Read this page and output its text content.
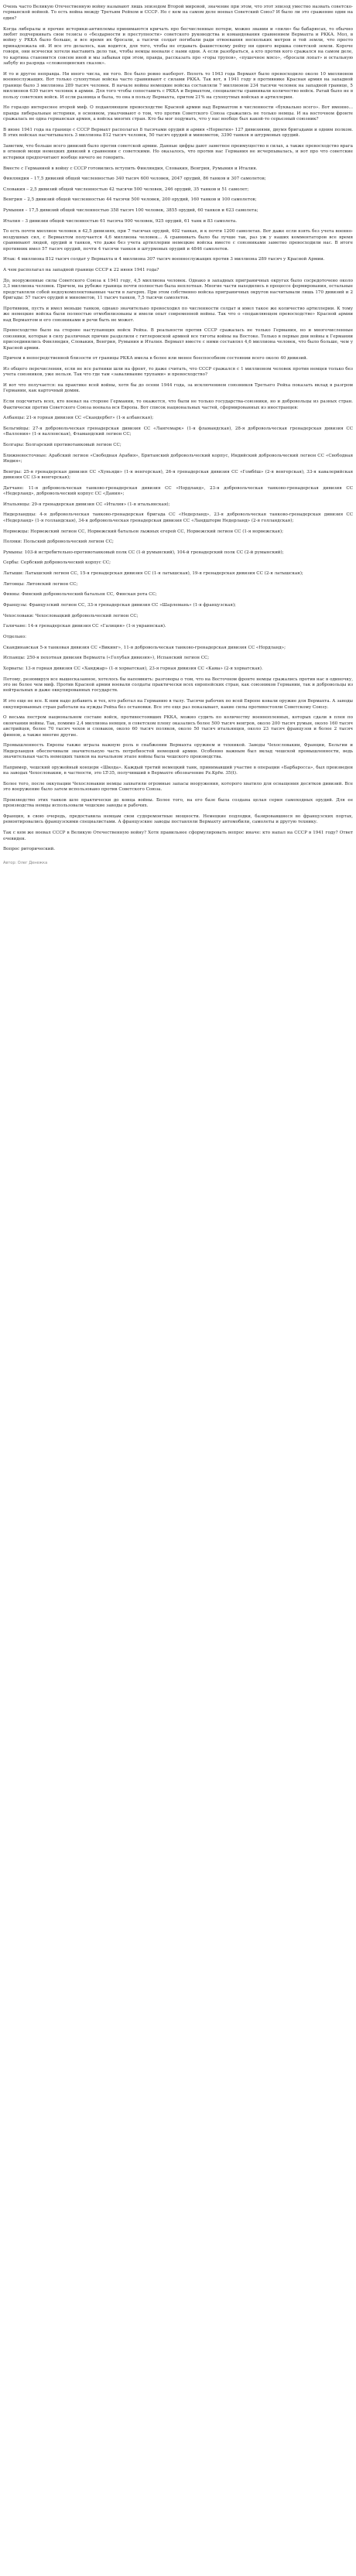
Очень часто Великую Отечественную войну называют лишь эпизодом Второй мировой, значение при этом, что этот эпизод уместно назвать советско-германской войной. То есть война между Третьим Рейхом и СССР. Но с кем на самом деле воевал Советский Союз? И было ли это сражение один на один?

Когда либералы и прочие историки-антиплемы принимаются кричать про бесчисленные потери, можно звании и «пили» бы бабарюсах, то обычно любят подчеркивать свои тезисы о «бездарности и преступности» советского руководства и командования сравнением Вермахта и РККА. Мол, в войну у РККА было больше, и все время их бросали, а тысячи солдат погибали ради отвоевания нескольких метров и той земли, что просто принадлежала ей. И все это делалось, как водится, для того, чтобы не отдавать фашистскому рейху ни одного вершка советской земли. Короче говоря, они всячески хотели выставить дело так, чтобы немцы воевали с нами одни. А если разобраться, а кто против кого сражался на самом деле, то картина становится совсем иной и мы забывая при этом, правда, рассказать про «горы трупов», «пушечное мясо», «бросали лопат» и остальную забубу из разряда «сложенцинских сказок».

И то и другое неправда. Ни иного числа, ни того. Все было ровно наоборот. Вплоть то 1943 года Вермахт было превосходило около 10 миллионов военнослужащих. Вот только сухопутные войска часто сравнивают с силами РККА. Так вот, в 1941 году в противнике Красная армия на западной границе было 3 миллиона 289 тысяч человек. В начале войны немецкие войска составляли 7 миллионов 234 тысячи человек на западной границе, 5 миллионов 630 тысяч человек в армии. Для того чтобы сопоставить с РККА и Вермахтом, специалисты сравнивали количество войск. Ратай было не в пользу советских войск. И если разница и была, то она в пользу Вермахта, притом 21% на сухопутных войсках и артиллерии.

Но гораздо интереснее второй миф. О подавляющем превосходстве Красной армии над Вермахтом в численности «буквально всего». Вот именно... правда либеральные историки, в основном, умалчивают о том, что против Советского Союза сражались не только немцы. И на восточном фронте сражалась не одна германская армия, а войска многих стран. Кто бы мог подумать, что у нас вообще был какой-то серьезный союзник?

В июне 1941 года на границе с СССР Вермахт располагал 8 тысячами орудий и армия «Норвегия» 127 дивизиями, двумя бригадами и одним полком. В этих войсках насчитывалось 3 миллиона 812 тысяч человек, 50 тысяч орудий и минометов, 3390 танков и штурмовых орудий.

Заметим, что больше всего дивизий было против советской армии. Данные цифры дают заметное преимущество в силах, а также превосходство врага в огневой мощи немецких дивизий в сравнении с советскими. Но оказалось, что против нас Германия не исчерпывалась, и вот про что советские историки предпочитают вообще ничего не говорить.

Вместе с Германией в войну с СССР готовились вступить Финляндия, Словакия, Венгрия, Румыния и Италия.

Финляндия – 17,5 дивизий общей численностью 340 тысяч 600 человек, 2047 орудий, 86 танков и 307 самолетов;

Словакия – 2,5 дивизий общей численностью 42 тысячи 500 человек, 246 орудий, 35 танков и 51 самолет;

Венгрия – 2,5 дивизий общей численностью 44 тысячи 500 человек, 200 орудий, 160 танков и 100 самолетов;

Румыния – 17,5 дивизий общей численностью 358 тысяч 100 человек, 3855 орудий, 60 танков и 623 самолета;

Италия – 3 дивизии общей численностью 61 тысяча 900 человек, 925 орудий, 61 танк и 83 самолета.

То есть почти миллион человек в 42,5 дивизиях, при 7 тысячах орудий, 402 танках, и к почти 1200 самолетах. Вот даже если взять без учета военно-воздушных сил, с Вермахтом получается 4,6 миллиона человек... А сравнивать было бы лучше так, раз уж у наших комментаторов все время сравнивают людей, орудий и танков, что даже без учета артиллерии немецкие войска вместе с союзниками заметно превосходили нас. В итоге противник имел 57 тысяч орудий, почти 4 тысячи танков и штурмовых орудий и 4846 самолетов.

Итак: 4 миллиона 812 тысяч солдат у Вермахта и 4 миллиона 307 тысяч военнослужащих против 3 миллиона 289 тысяч у Красной Армии.

А чем располагал на западной границе СССР к 22 июня 1941 года?

До, вооруженные силы Советского Союза к 1941 году, 4,5 миллиона человек. Однако в западных приграничных округах было сосредоточено около 3,3 миллиона человек. Причем, на рубеже граница почти полностью была неплотная. Многие части находились в процессе формирования, остальные представляли собой недоукомплектованные части в лагерях. При этом собственно войска приграничных округов насчитывали лишь 170 дивизий и 2 бригады: 57 тысяч орудий и минометов, 11 тысяч танков, 7,5 тысячи самолетов.

Противник, пусть и имел меньше танков, однако значительно превосходил по численности солдат и имел такое же количество артиллерии. К тому же немецкие войска были полностью отмобилизованы и имели опыт современной войны. Так что о «подавляющем превосходстве» Красной армии над Вермахтом и его союзниками и речи быть не может.

Превосходство было на стороне наступающих войск Рейха. В реальности против СССР сражалась не только Германия, но и многочисленные союзники, которые в силу различных причин разделили с гитлеровской армией все тяготы войны на Востоке. Только в первые дни войны к Германии присоединились Финляндия, Словакия, Венгрия, Румыния и Италия. Вермахт вместе с ними составлял 4,6 миллиона человек, что было больше, чем у Красной армии.

Причем в непосредственной близости от границы РККА имела в более или менее боеспособном состоянии всего около 40 дивизий.

Из общего перечисления, если не все ратники шли на фронт, то даже считать, что СССР сражался с 1 миллионом человек против немцев только без учета союзников, уже нельзя. Так что где там «заваливание трупами» и превосходство?

И вот что получается: на практике всей войны, хотя бы до осени 1944 года, за исключением союзников Третьего Рейха показать вклад в разгром Германии, как карточный домик.

Если подсчитать всех, кто воевал на стороне Германии, то окажется, что были не только государства-союзники, но и добровольцы из разных стран. Фактически против Советского Союза воевала вся Европа. Вот список национальных частей, сформированных из иностранцев:

Албанцы: 21-я горная дивизия СС «Скандербег» (1-я албанская);

Бельгийцы: 27-я добровольческая гренадерская дивизия СС «Лангемарк» (1-я фламандская), 28-я добровольческая гренадерская дивизия СС «Валлония» (1-я валлонская), Фламандский легион СС;

Болгары: Болгарский противотанковый легион СС;

Ближневосточные: Арабский легион «Свободная Арабия», Британский добровольческий корпус, Индийский добровольческий легион СС «Свободная Индия»;

Венгры: 25-я гренадерская дивизия СС «Хуньяди» (1-я венгерская), 26-я гренадерская дивизия СС «Гомбёш» (2-я венгерская), 33-я кавалерийская дивизия СС (3-я венгерская);

Датчане: 11-я добровольческая танково-гренадерская дивизия СС «Нордланд», 23-я добровольческая танково-гренадерская дивизия СС «Недерланд», добровольческий корпус СС «Дания»;

Итальянцы: 29-я гренадерская дивизия СС «Италия» (1-я итальянская);

Нидерландцы: 4-я добровольческая танково-гренадерская бригада СС «Недерланд», 23-я добровольческая танково-гренадерская дивизия СС «Недерланд» (1-я голландская), 34-я добровольческая гренадерская дивизия СС «Ландшторм Недерланд» (2-я голландская);

Норвежцы: Норвежский легион СС, Норвежский батальон лыжных егерей СС, Норвежский легион СС (1-я норвежская);

Поляки: Польский добровольческий легион СС;

Румыны: 103-й истребительно-противотанковый полк СС (1-й румынский), 104-й гренадерский полк СС (2-й румынский);

Сербы: Сербский добровольческий корпус СС;

Латыши: Латышский легион СС, 15-я гренадерская дивизия СС (1-я латышская), 19-я гренадерская дивизия СС (2-я латышская);

Литовцы: Литовский легион СС;

Финны: Финский добровольческий батальон СС, Финская рота СС;

Французы: Французский легион СС, 33-я гренадерская дивизия СС «Шарлемань» (1-я французская);

Чехословаки: Чехословацкий добровольческий легион СС;

Галичане: 14-я гренадерская дивизия СС «Галиция» (1-я украинская).

Отдельно:

Скандинавская 5-я танковая дивизия СС «Викинг», 11-я добровольческая танково-гренадерская дивизия СС «Нордланд»;

Испанцы: 250-я пехотная дивизия Вермахта («Голубая дивизия»), Испанский легион СС;

Хорваты: 13-я горная дивизия СС «Ханджар» (1-я хорватская), 23-я горная дивизия СС «Кама» (2-я хорватская).

Потому, резюмируя все вышесказанное, хотелось бы напомнить: разговоры о том, что на Восточном фронте немцы сражались против нас в одиночку, это не более чем миф. Против Красной армии воевали солдаты практически всех европейских стран, как союзников Германии, так и добровольцы из нейтральных и даже оккупированных государств.

И это еще не все. К ним надо добавить и тех, кто работал на Германию в тылу. Тысячи рабочих по всей Европе ковали оружие для Вермахта. А заводы оккупированных стран работали на нужды Рейха без остановки. Все это еще раз показывает, какие силы противостояли Советскому Союзу.

О весьма пестром национальном составе войск, противостоявших РККА, можно судить по количеству военнопленных, которых сдали в плен по окончании войны. Так, помимо 2,4 миллиона немцев, в советском плену оказались более 500 тысяч венгров, около 200 тысяч румын, около 160 тысяч австрийцев, более 70 тысяч чехов и словаков, около 60 тысяч поляков, около 50 тысяч итальянцев, около 23 тысяч французов и более 2 тысяч финнов, а также многие другие.

Промышленность Европы также играла важную роль в снабжении Вермахта оружием и техникой. Заводы Чехословакии, Франции, Бельгии и Нидерландов обеспечивали значительную часть потребностей немецкой армии. Особенно важным был вклад чешской промышленности, ведь значительная часть немецких танков на начальном этапе войны была чешского производства.

Например, чешский оружейный концерн «Шкода». Каждый третий немецкий танк, принимавший участие в операции «Барбаросса», был произведен на заводах Чехословакии, в частности, это LT-35, получивший в Вермахте обозначение Pz.Kpfw. 35(t).

Более того, после оккупации Чехословакии немцы захватили огромные запасы вооружения, которого хватило для оснащения десятков дивизий. Все это вооружение было затем использовано против Советского Союза.

Производство этих танков шло практически до конца войны. Более того, на его базе была создана целая серия самоходных орудий. Для ее производства немцы использовали чешские заводы и рабочих.

Франция, в свою очередь, предоставила немцам свои судоремонтные мощности. Немецкие подлодки, базировавшиеся во французских портах, ремонтировались французскими специалистами. А французские заводы поставляли Вермахту автомобили, самолеты и другую технику.

Так с кем же воевал СССР в Великую Отечественную войну? Хотя правильнее сформулировать вопрос иначе: кто напал на СССР в 1941 году? Ответ очевиден.

Вопрос риторический.

Автор: Олег Денежка
